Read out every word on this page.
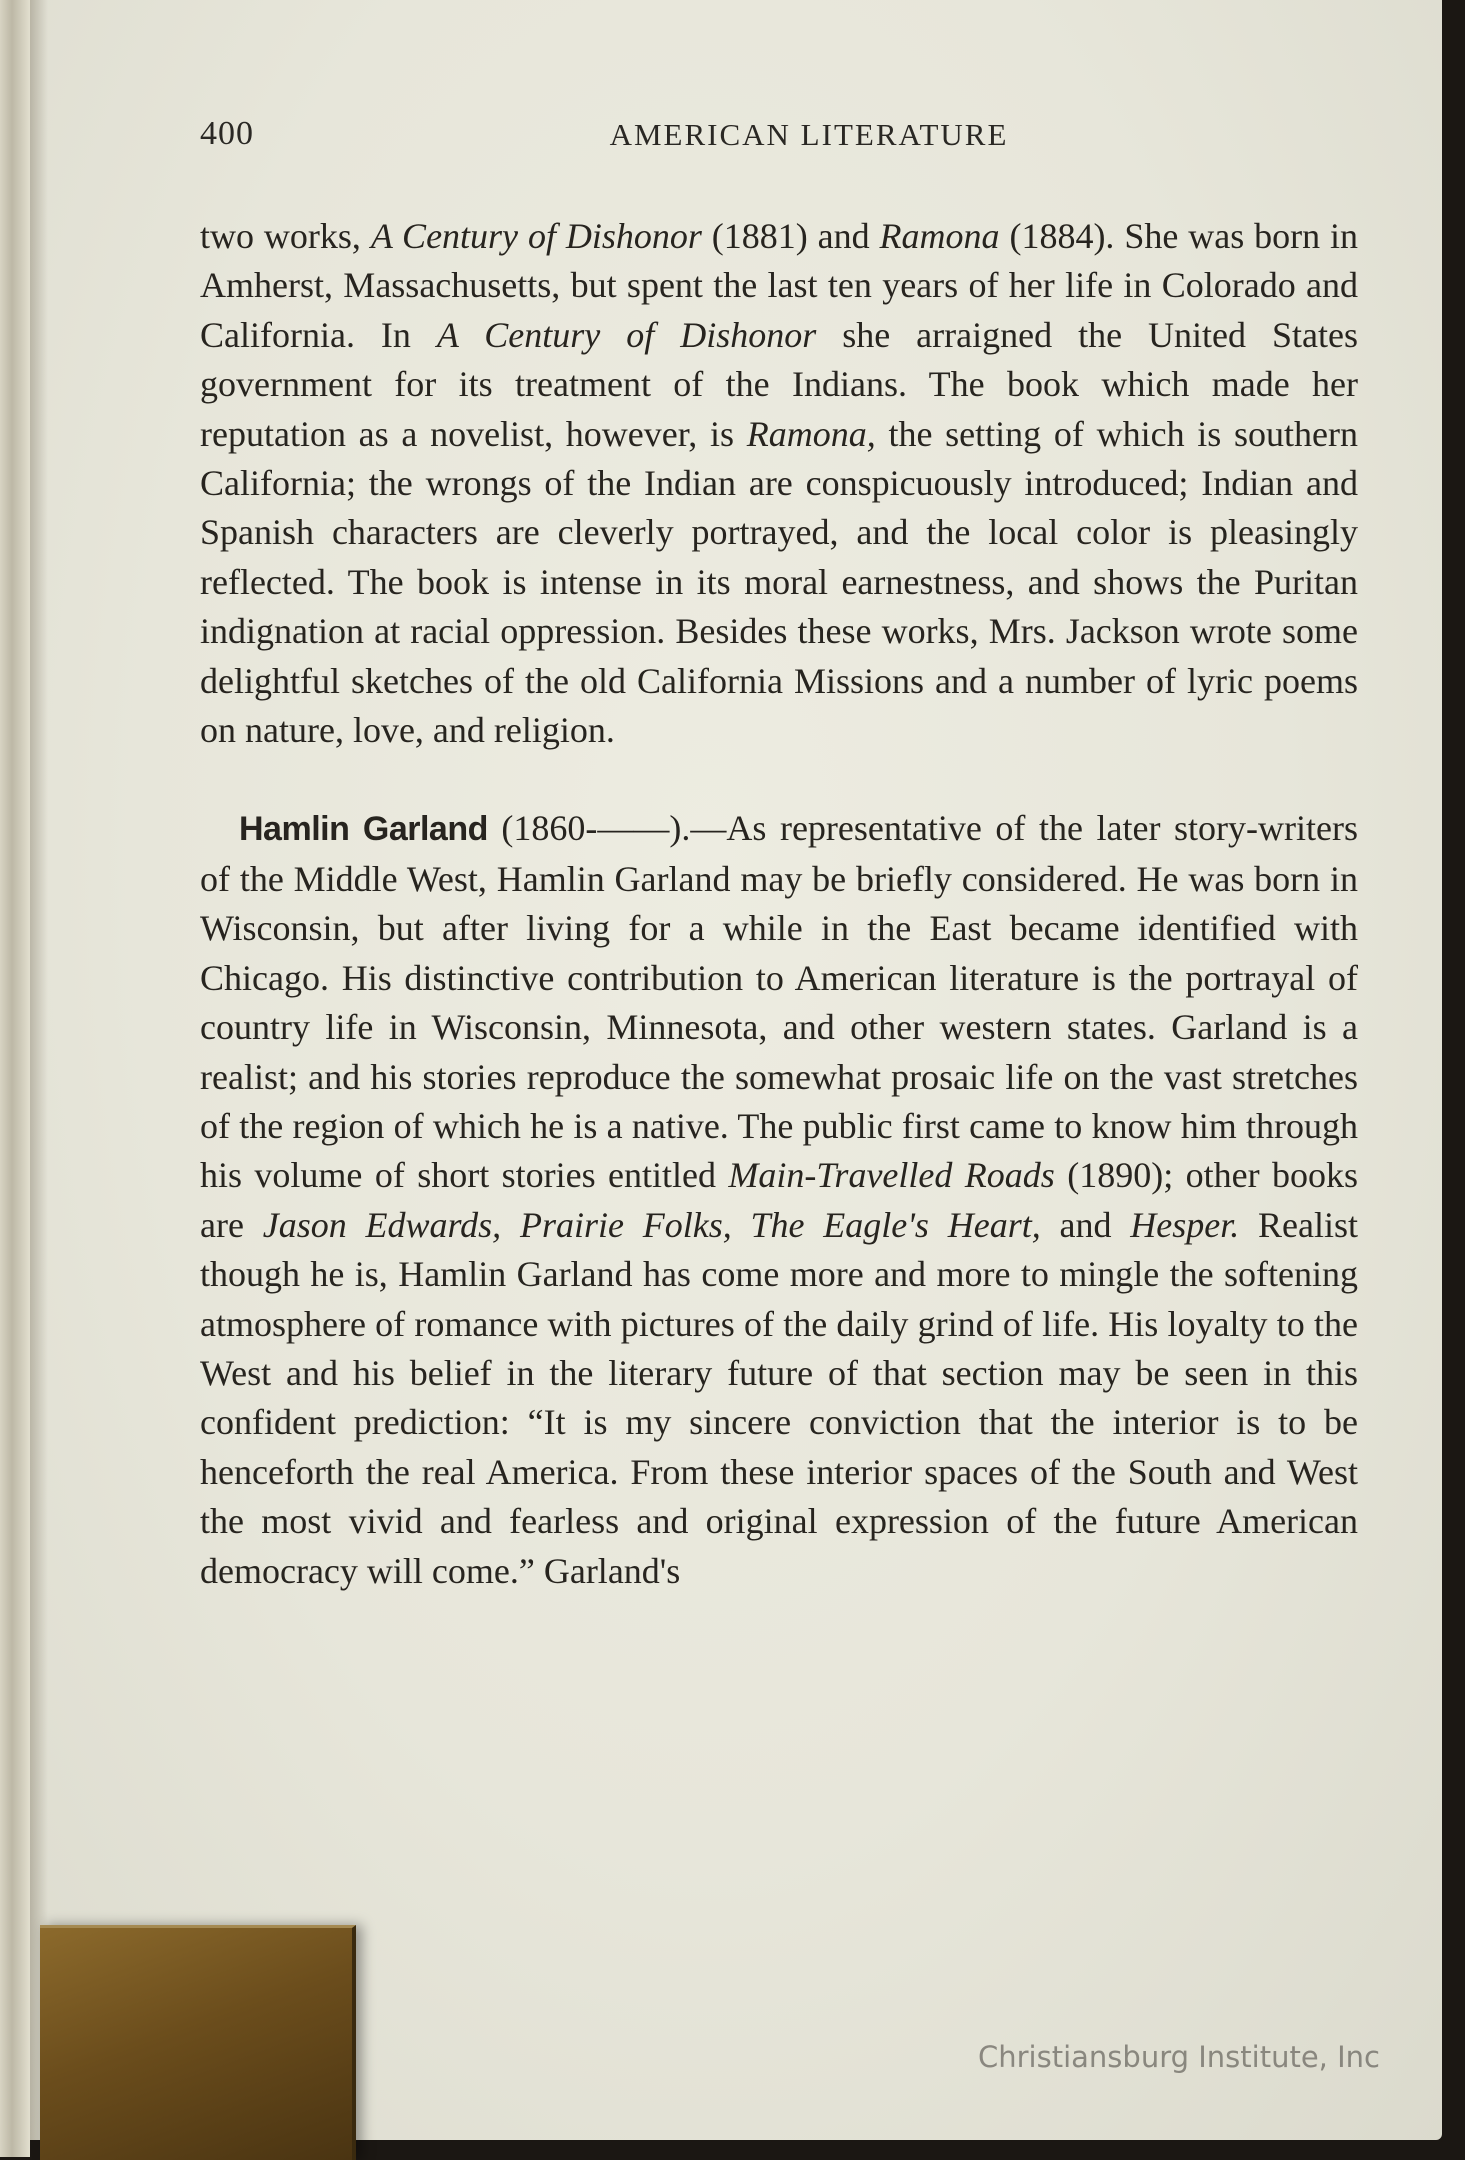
400	AMERICAN LITERATURE

two works, A Century of Dishonor (1881) and Ramona (1884). She was born in Amherst, Massachusetts, but spent the last ten years of her life in Colorado and California. In A Century of Dishonor she arraigned the United States government for its treatment of the Indians. The book which made her reputation as a novelist, however, is Ramona, the setting of which is southern California; the wrongs of the Indian are conspicuously introduced; Indian and Spanish characters are cleverly portrayed, and the local color is pleasingly reflected. The book is intense in its moral earnestness, and shows the Puritan indignation at racial oppression. Besides these works, Mrs. Jackson wrote some delightful sketches of the old California Missions and a number of lyric poems on nature, love, and religion.

Hamlin Garland (1860-——).—As representative of the later story-writers of the Middle West, Hamlin Garland may be briefly considered. He was born in Wisconsin, but after living for a while in the East became identified with Chicago. His distinctive contribution to American literature is the portrayal of country life in Wisconsin, Minnesota, and other western states. Garland is a realist; and his stories reproduce the somewhat prosaic life on the vast stretches of the region of which he is a native. The public first came to know him through his volume of short stories entitled Main-Travelled Roads (1890); other books are Jason Edwards, Prairie Folks, The Eagle's Heart, and Hesper. Realist though he is, Hamlin Garland has come more and more to mingle the softening atmosphere of romance with pictures of the daily grind of life. His loyalty to the West and his belief in the literary future of that section may be seen in this confident prediction: “It is my sincere conviction that the interior is to be henceforth the real America. From these interior spaces of the South and West the most vivid and fearless and original expression of the future American democracy will come.” Garland's

Christiansburg Institute, Inc
